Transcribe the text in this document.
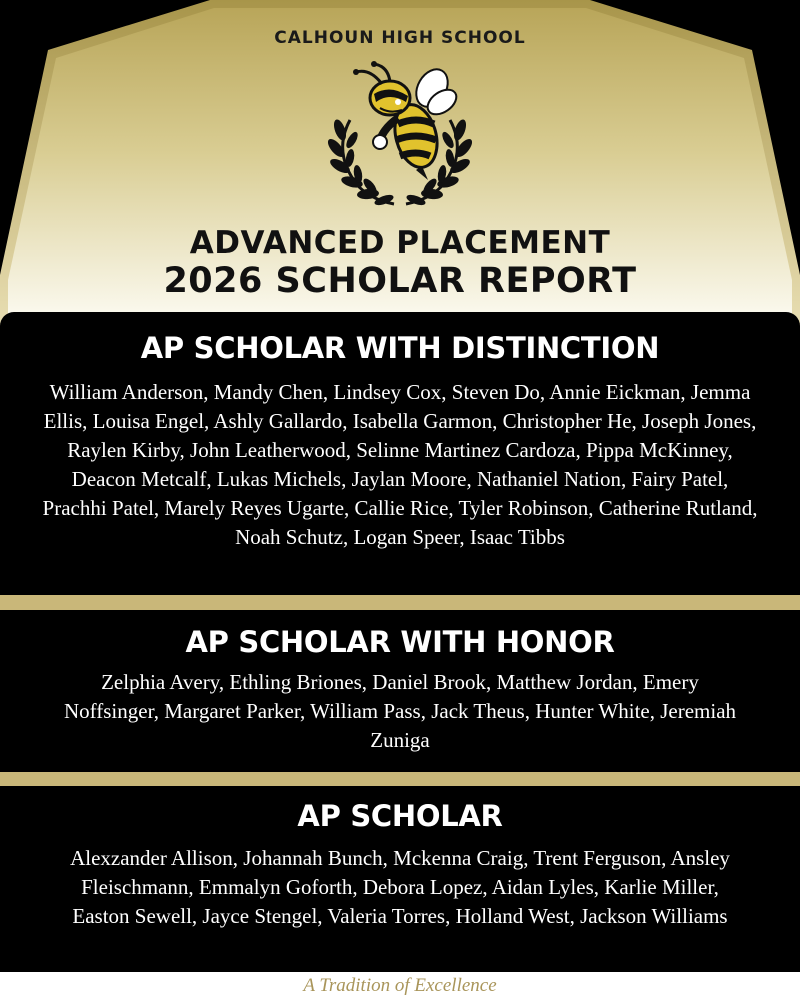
CALHOUN HIGH SCHOOL
ADVANCED PLACEMENT
2026 SCHOLAR REPORT
AP SCHOLAR WITH DISTINCTION

William Anderson, Mandy Chen, Lindsey Cox, Steven Do, Annie Eickman, Jemma Ellis, Louisa Engel, Ashly Gallardo, Isabella Garmon, Christopher He, Joseph Jones, Raylen Kirby, John Leatherwood, Selinne Martinez Cardoza, Pippa McKinney, Deacon Metcalf, Lukas Michels, Jaylan Moore, Nathaniel Nation, Fairy Patel, Prachhi Patel, Marely Reyes Ugarte, Callie Rice, Tyler Robinson, Catherine Rutland, Noah Schutz, Logan Speer, Isaac Tibbs

AP SCHOLAR WITH HONOR

Zelphia Avery, Ethling Briones, Daniel Brook, Matthew Jordan, Emery Noffsinger, Margaret Parker, William Pass, Jack Theus, Hunter White, Jeremiah Zuniga

AP SCHOLAR

Alexzander Allison, Johannah Bunch, Mckenna Craig, Trent Ferguson, Ansley Fleischmann, Emmalyn Goforth, Debora Lopez, Aidan Lyles, Karlie Miller, Easton Sewell, Jayce Stengel, Valeria Torres, Holland West, Jackson Williams

A Tradition of Excellence
